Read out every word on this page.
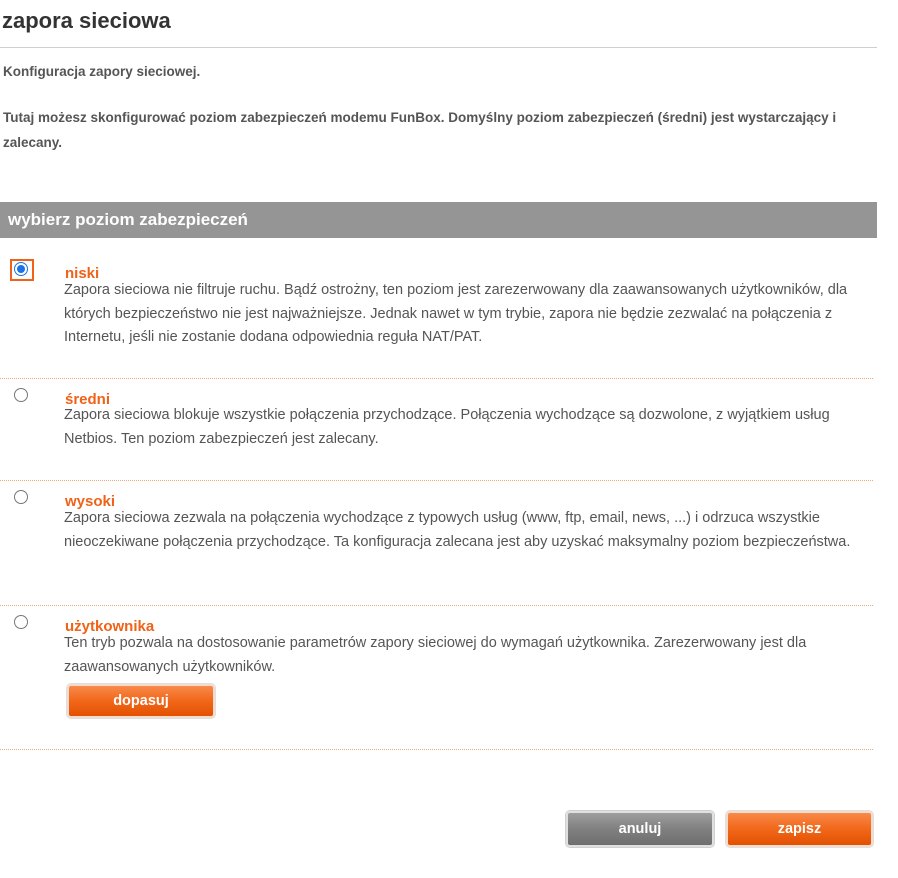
zapora sieciowa
Konfiguracja zapory sieciowej.
Tutaj możesz skonfigurować poziom zabezpieczeń modemu FunBox. Domyślny poziom zabezpieczeń (średni) jest wystarczający i zalecany.
wybierz poziom zabezpieczeń
niski
Zapora sieciowa nie filtruje ruchu. Bądź ostrożny, ten poziom jest zarezerwowany dla zaawansowanych użytkowników, dla których bezpieczeństwo nie jest najważniejsze. Jednak nawet w tym trybie, zapora nie będzie zezwalać na połączenia z Internetu, jeśli nie zostanie dodana odpowiednia reguła NAT/PAT.
średni
Zapora sieciowa blokuje wszystkie połączenia przychodzące. Połączenia wychodzące są dozwolone, z wyjątkiem usług Netbios. Ten poziom zabezpieczeń jest zalecany.
wysoki
Zapora sieciowa zezwala na połączenia wychodzące z typowych usług (www, ftp, email, news, ...) i odrzuca wszystkie nieoczekiwane połączenia przychodzące. Ta konfiguracja zalecana jest aby uzyskać maksymalny poziom bezpieczeństwa.
użytkownika
Ten tryb pozwala na dostosowanie parametrów zapory sieciowej do wymagań użytkownika. Zarezerwowany jest dla zaawansowanych użytkowników.
dopasuj
anuluj	zapisz
